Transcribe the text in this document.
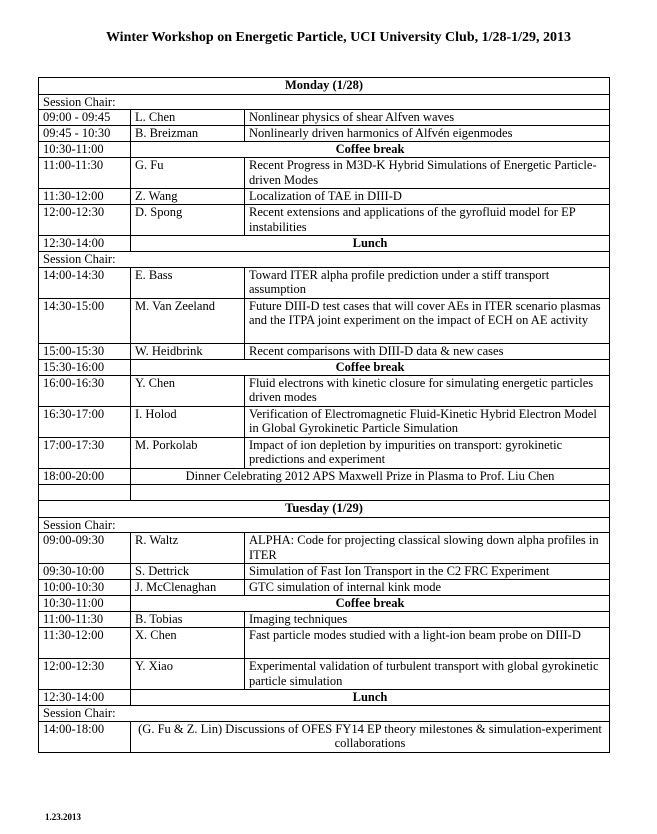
Winter Workshop on Energetic Particle, UCI University Club, 1/28-1/29, 2013
Monday (1/28)		
Session Chair:		
09:00 - 09:45	L. Chen	Nonlinear physics of shear Alfven waves
09:45 - 10:30	B. Breizman	Nonlinearly driven harmonics of Alfvén eigenmodes
10:30-11:00	Coffee break	
11:00-11:30	G. Fu	Recent Progress in M3D-K Hybrid Simulations of Energetic Particle-driven Modes
11:30-12:00	Z. Wang	Localization of TAE in DIII-D
12:00-12:30	D. Spong	Recent extensions and applications of the gyrofluid model for EP instabilities
12:30-14:00	Lunch	
Session Chair:		
14:00-14:30	E. Bass	Toward ITER alpha profile prediction under a stiff transport assumption
14:30-15:00	M. Van Zeeland	Future DIII-D test cases that will cover AEs in ITER scenario plasmas and the ITPA joint experiment on the impact of ECH on AE activity
15:00-15:30	W. Heidbrink	Recent comparisons with DIII-D data & new cases
15:30-16:00	Coffee break	
16:00-16:30	Y. Chen	Fluid electrons with kinetic closure for simulating energetic particles driven modes
16:30-17:00	I. Holod	Verification of Electromagnetic Fluid-Kinetic Hybrid Electron Model in Global Gyrokinetic Particle Simulation
17:00-17:30	M. Porkolab	Impact of ion depletion by impurities on transport: gyrokinetic predictions and experiment
18:00-20:00	Dinner Celebrating 2012 APS Maxwell Prize in Plasma to Prof. Liu Chen	

Tuesday (1/29)		
Session Chair:		
09:00-09:30	R. Waltz	ALPHA: Code for projecting classical slowing down alpha profiles in ITER
09:30-10:00	S. Dettrick	Simulation of Fast Ion Transport in the C2 FRC Experiment
10:00-10:30	J. McClenaghan	GTC simulation of internal kink mode
10:30-11:00	Coffee break	
11:00-11:30	B. Tobias	Imaging techniques
11:30-12:00	X. Chen	Fast particle modes studied with a light-ion beam probe on DIII-D
12:00-12:30	Y. Xiao	Experimental validation of turbulent transport with global gyrokinetic particle simulation
12:30-14:00	Lunch	
Session Chair:		
14:00-18:00	(G. Fu & Z. Lin) Discussions of OFES FY14 EP theory milestones & simulation-experiment collaborations	
1.23.2013
